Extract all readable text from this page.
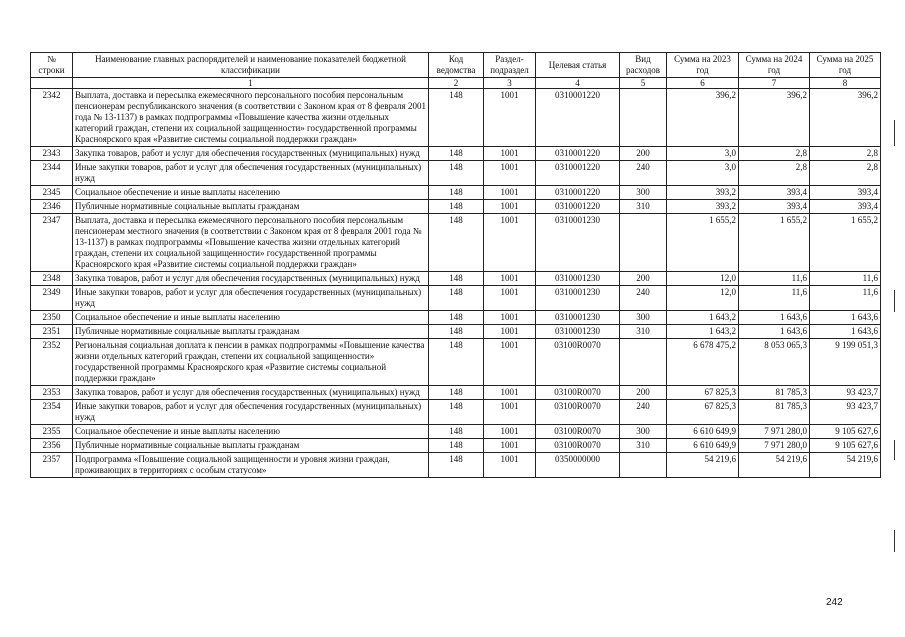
№ строки	Наименование главных распорядителей и наименование показателей бюджетной классификации	Код ведомства	Раздел-подраздел	Целевая статья	Вид расходов	Сумма на 2023 год	Сумма на 2024 год	Сумма на 2025 год
	1	2	3	4	5	6	7	8
2342	Выплата, доставка и пересылка ежемесячного персонального пособия персональным пенсионерам республиканского значения (в соответствии с Законом края от 8 февраля 2001 года № 13-1137) в рамках подпрограммы «Повышение качества жизни отдельных категорий граждан, степени их социальной защищенности» государственной программы Красноярского края «Развитие системы социальной поддержки граждан»	148	1001	0310001220		396,2	396,2	396,2
2343	Закупка товаров, работ и услуг для обеспечения государственных (муниципальных) нужд	148	1001	0310001220	200	3,0	2,8	2,8
2344	Иные закупки товаров, работ и услуг для обеспечения государственных (муниципальных) нужд	148	1001	0310001220	240	3,0	2,8	2,8
2345	Социальное обеспечение и иные выплаты населению	148	1001	0310001220	300	393,2	393,4	393,4
2346	Публичные нормативные социальные выплаты гражданам	148	1001	0310001220	310	393,2	393,4	393,4
2347	Выплата, доставка и пересылка ежемесячного персонального пособия персональным пенсионерам местного значения (в соответствии с Законом края от 8 февраля 2001 года № 13-1137) в рамках подпрограммы «Повышение качества жизни отдельных категорий граждан, степени их социальной защищенности» государственной программы Красноярского края «Развитие системы социальной поддержки граждан»	148	1001	0310001230		1 655,2	1 655,2	1 655,2
2348	Закупка товаров, работ и услуг для обеспечения государственных (муниципальных) нужд	148	1001	0310001230	200	12,0	11,6	11,6
2349	Иные закупки товаров, работ и услуг для обеспечения государственных (муниципальных) нужд	148	1001	0310001230	240	12,0	11,6	11,6
2350	Социальное обеспечение и иные выплаты населению	148	1001	0310001230	300	1 643,2	1 643,6	1 643,6
2351	Публичные нормативные социальные выплаты гражданам	148	1001	0310001230	310	1 643,2	1 643,6	1 643,6
2352	Региональная социальная доплата к пенсии в рамках подпрограммы «Повышение качества жизни отдельных категорий граждан, степени их социальной защищенности» государственной программы Красноярского края «Развитие системы социальной поддержки граждан»	148	1001	03100R0070		6 678 475,2	8 053 065,3	9 199 051,3
2353	Закупка товаров, работ и услуг для обеспечения государственных (муниципальных) нужд	148	1001	03100R0070	200	67 825,3	81 785,3	93 423,7
2354	Иные закупки товаров, работ и услуг для обеспечения государственных (муниципальных) нужд	148	1001	03100R0070	240	67 825,3	81 785,3	93 423,7
2355	Социальное обеспечение и иные выплаты населению	148	1001	03100R0070	300	6 610 649,9	7 971 280,0	9 105 627,6
2356	Публичные нормативные социальные выплаты гражданам	148	1001	03100R0070	310	6 610 649,9	7 971 280,0	9 105 627,6
2357	Подпрограмма «Повышение социальной защищенности и уровня жизни граждан, проживающих в территориях с особым статусом»	148	1001	0350000000		54 219,6	54 219,6	54 219,6
242
